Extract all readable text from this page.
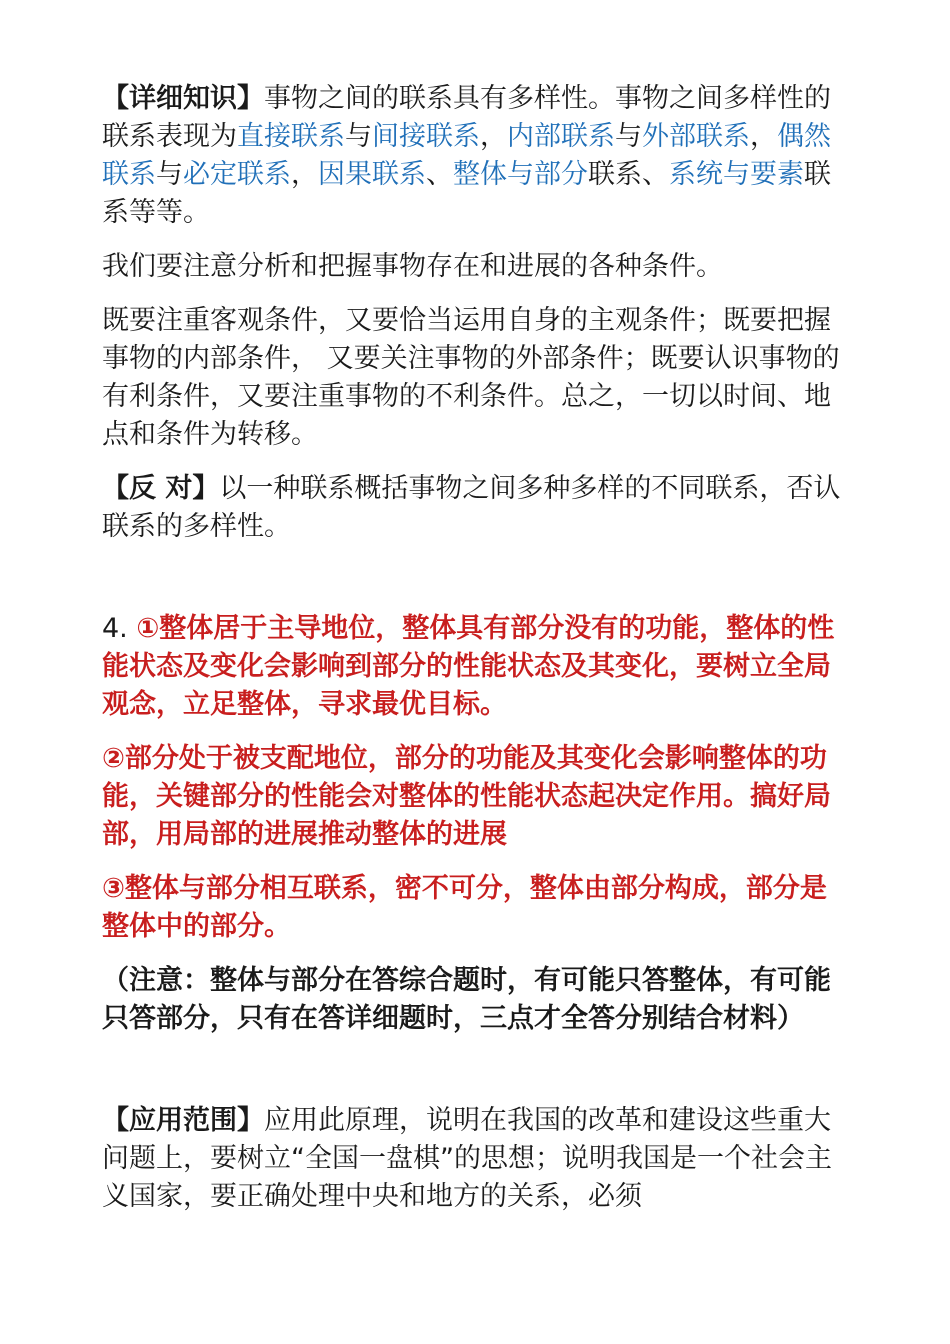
【详细知识】事物之间的联系具有多样性。事物之间多样性的联系表现为直接联系与间接联系，内部联系与外部联系，偶然联系与必定联系，因果联系、整体与部分联系、系统与要素联系等等。

我们要注意分析和把握事物存在和进展的各种条件。

既要注重客观条件，又要恰当运用自身的主观条件；既要把握事物的内部条件， 又要关注事物的外部条件；既要认识事物的有利条件，又要注重事物的不利条件。总之，一切以时间、地点和条件为转移。

【反 对】以一种联系概括事物之间多种多样的不同联系，否认联系的多样性。

4. ①整体居于主导地位，整体具有部分没有的功能，整体的性能状态及变化会影响到部分的性能状态及其变化，要树立全局观念，立足整体，寻求最优目标。

②部分处于被支配地位，部分的功能及其变化会影响整体的功能，关键部分的性能会对整体的性能状态起决定作用。搞好局部，用局部的进展推动整体的进展

③整体与部分相互联系，密不可分，整体由部分构成，部分是整体中的部分。

（注意：整体与部分在答综合题时，有可能只答整体，有可能只答部分，只有在答详细题时，三点才全答分别结合材料）

【应用范围】应用此原理，说明在我国的改革和建设这些重大问题上，要树立“全国一盘棋”的思想；说明我国是一个社会主义国家，要正确处理中央和地方的关系，必须
